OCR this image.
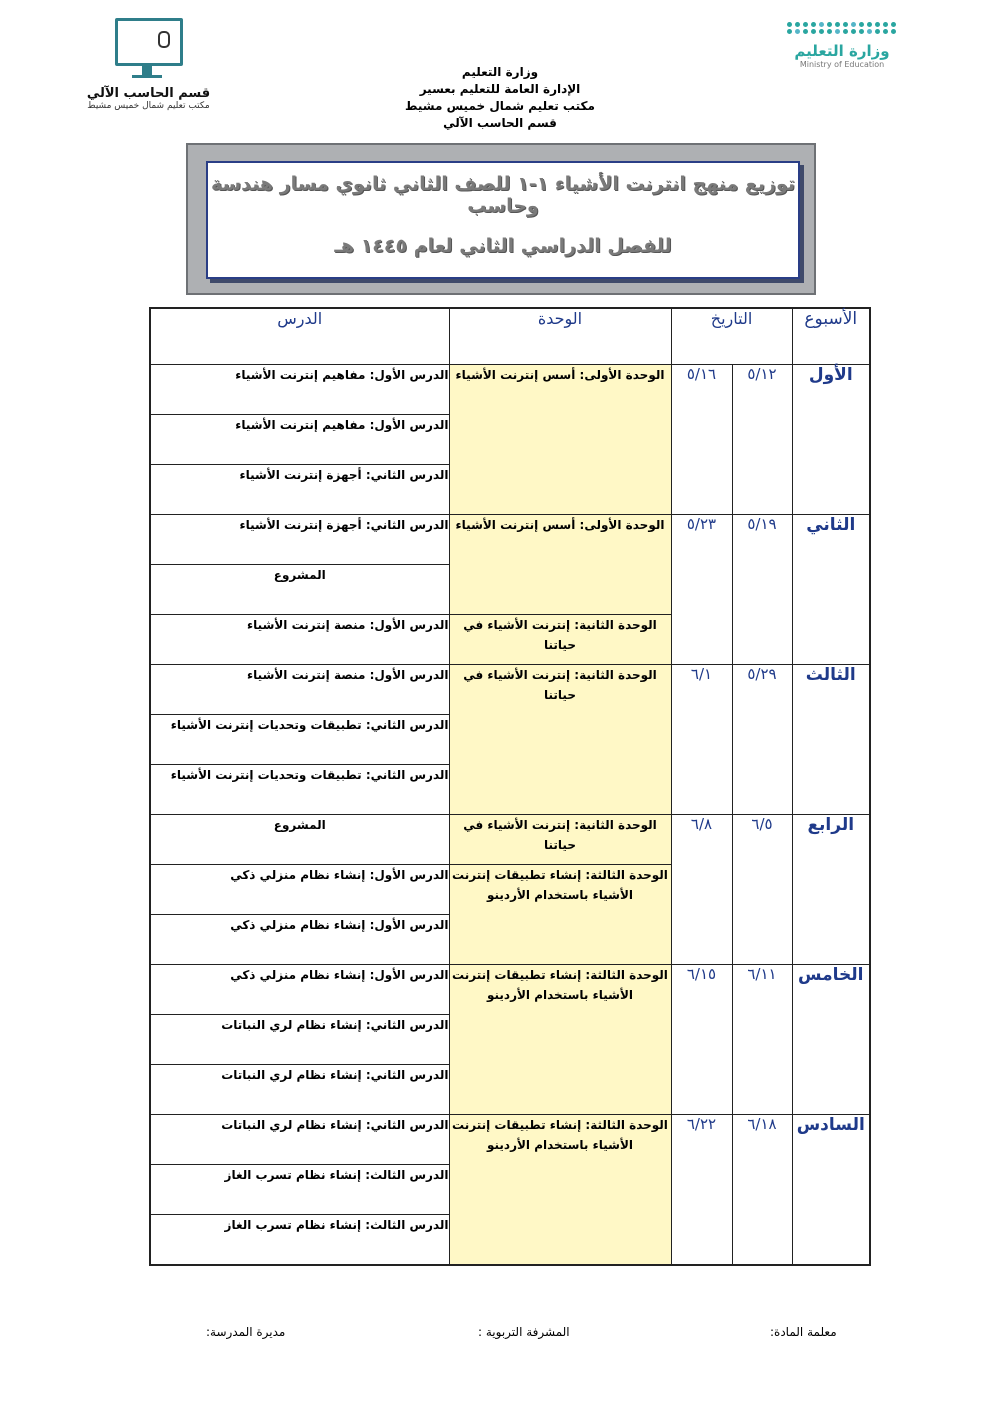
قسم الحاسب الآلي
مكتب تعليم شمال خميس مشيط
وزارة التعليم
Ministry of Education
وزارة التعليم
الإدارة العامة للتعليم بعسير
مكتب تعليم شمال خميس مشيط
قسم الحاسب الآلي
توزيع منهج انترنت الأشياء ١-١ للصف الثاني ثانوي مسار هندسة وحاسب
للفصل الدراسي الثاني لعام ١٤٤٥ هـ
الأسبوع	التاريخ		الوحدة	الدرس
الأول	٥/١٢	٥/١٦	الوحدة الأولى: أسس إنترنت الأشياء	الدرس الأول: مفاهيم إنترنت الأشياء
				الدرس الأول: مفاهيم إنترنت الأشياء
				الدرس الثاني: أجهزة إنترنت الأشياء
الثاني	٥/١٩	٥/٢٣	الوحدة الأولى: أسس إنترنت الأشياء	الدرس الثاني: أجهزة إنترنت الأشياء
				المشروع
			الوحدة الثانية: إنترنت الأشياء في حياتنا	الدرس الأول: منصة إنترنت الأشياء
الثالث	٥/٢٩	٦/١	الوحدة الثانية: إنترنت الأشياء في حياتنا	الدرس الأول: منصة إنترنت الأشياء
				الدرس الثاني: تطبيقات وتحديات إنترنت الأشياء
				الدرس الثاني: تطبيقات وتحديات إنترنت الأشياء
الرابع	٦/٥	٦/٨	الوحدة الثانية: إنترنت الأشياء في حياتنا	المشروع
			الوحدة الثالثة: إنشاء تطبيقات إنترنت الأشياء باستخدام الأردينو	الدرس الأول: إنشاء نظام منزلي ذكي
				الدرس الأول: إنشاء نظام منزلي ذكي
الخامس	٦/١١	٦/١٥	الوحدة الثالثة: إنشاء تطبيقات إنترنت الأشياء باستخدام الأردينو	الدرس الأول: إنشاء نظام منزلي ذكي
				الدرس الثاني: إنشاء نظام لري النباتات
				الدرس الثاني: إنشاء نظام لري النباتات
السادس	٦/١٨	٦/٢٢	الوحدة الثالثة: إنشاء تطبيقات إنترنت الأشياء باستخدام الأردينو	الدرس الثاني: إنشاء نظام لري النباتات
				الدرس الثالث: إنشاء نظام تسرب الغاز
				الدرس الثالث: إنشاء نظام تسرب الغاز
معلمة المادة:
المشرفة التربوية :
مديرة المدرسة:
